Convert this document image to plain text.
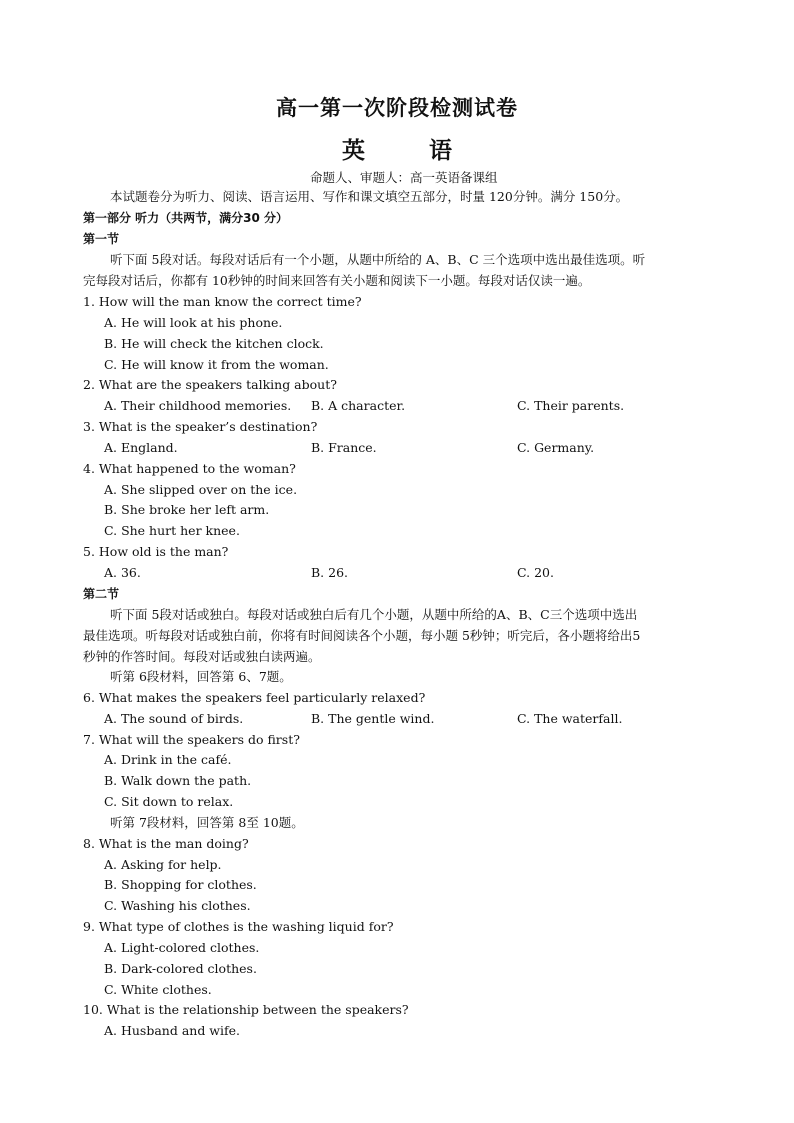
高一第一次阶段检测试卷
英 语
命题人、审题人：高一英语备课组
本试题卷分为听力、阅读、语言运用、写作和课文填空五部分，时量 120分钟。满分 150分。
第一部分 听力（共两节，满分30 分）
第一节
听下面 5段对话。每段对话后有一个小题，从题中所给的 A、B、C 三个选项中选出最佳选项。听
完每段对话后，你都有 10秒钟的时间来回答有关小题和阅读下一小题。每段对话仅读一遍。
1. How will the man know the correct time?
A. He will look at his phone.
B. He will check the kitchen clock.
C. He will know it from the woman.
2. What are the speakers talking about?
A. Their childhood memories. B. A character.	C. Their parents.
3. What is the speaker’s destination?
A. England.	B. France.	C. Germany.
4. What happened to the woman?
A. She slipped over on the ice.
B. She broke her left arm.
C. She hurt her knee.
5. How old is the man?
A. 36.	B. 26.	C. 20.
第二节
听下面 5段对话或独白。每段对话或独白后有几个小题，从题中所给的A、B、C三个选项中选出
最佳选项。听每段对话或独白前，你将有时间阅读各个小题，每小题 5秒钟；听完后，各小题将给出5
秒钟的作答时间。每段对话或独白读两遍。
听第 6段材料，回答第 6、7题。
6. What makes the speakers feel particularly relaxed?
A. The sound of birds.	B. The gentle wind.	C. The waterfall.
7. What will the speakers do first?
A. Drink in the café.
B. Walk down the path.
C. Sit down to relax.
听第 7段材料，回答第 8至 10题。
8. What is the man doing?
A. Asking for help.
B. Shopping for clothes.
C. Washing his clothes.
9. What type of clothes is the washing liquid for?
A. Light-colored clothes.
B. Dark-colored clothes.
C. White clothes.
10. What is the relationship between the speakers?
A. Husband and wife.
